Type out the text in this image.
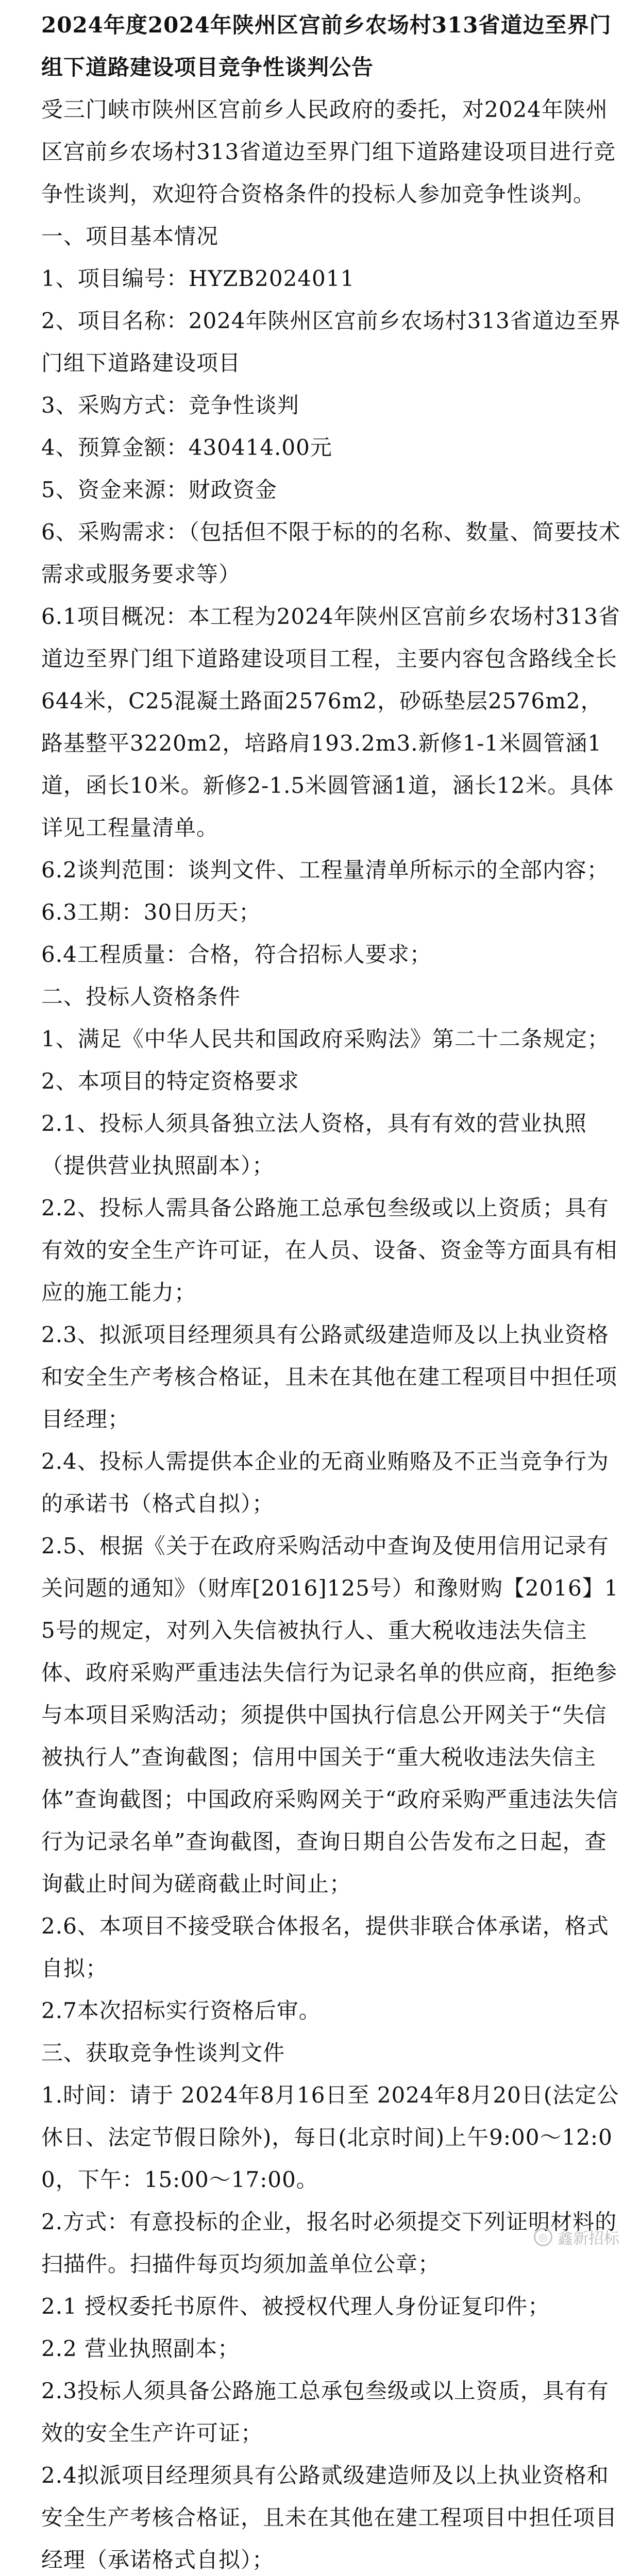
2024年度2024年陕州区宫前乡农场村313省道边至界门组下道路建设项目竞争性谈判公告

受三门峡市陕州区宫前乡人民政府的委托，对2024年陕州区宫前乡农场村313省道边至界门组下道路建设项目进行竞争性谈判，欢迎符合资格条件的投标人参加竞争性谈判。

一、项目基本情况

1、项目编号：HYZB2024011

2、项目名称：2024年陕州区宫前乡农场村313省道边至界门组下道路建设项目

3、采购方式：竞争性谈判

4、预算金额：430414.00元

5、资金来源：财政资金

6、采购需求：（包括但不限于标的的名称、数量、简要技术需求或服务要求等）

6.1项目概况：本工程为2024年陕州区宫前乡农场村313省道边至界门组下道路建设项目工程，主要内容包含路线全长644米，C25混凝土路面2576m2，砂砾垫层2576m2，路基整平3220m2，培路肩193.2m3.新修1-1米圆管涵1道，函长10米。新修2-1.5米圆管涵1道，涵长12米。具体详见工程量清单。

6.2谈判范围：谈判文件、工程量清单所标示的全部内容；

6.3工期：30日历天；

6.4工程质量：合格，符合招标人要求；

二、投标人资格条件

1、满足《中华人民共和国政府采购法》第二十二条规定；
2、本项目的特定资格要求

2.1、投标人须具备独立法人资格，具有有效的营业执照（提供营业执照副本）；

2.2、投标人需具备公路施工总承包叁级或以上资质；具有有效的安全生产许可证，在人员、设备、资金等方面具有相应的施工能力；

2.3、拟派项目经理须具有公路贰级建造师及以上执业资格和安全生产考核合格证，且未在其他在建工程项目中担任项目经理；

2.4、投标人需提供本企业的无商业贿赂及不正当竞争行为的承诺书（格式自拟）；

2.5、根据《关于在政府采购活动中查询及使用信用记录有关问题的通知》（财库[2016]125号）和豫财购【2016】15号的规定，对列入失信被执行人、重大税收违法失信主体、政府采购严重违法失信行为记录名单的供应商，拒绝参与本项目采购活动；须提供中国执行信息公开网关于“失信被执行人”查询截图；信用中国关于“重大税收违法失信主体”查询截图；中国政府采购网关于“政府采购严重违法失信行为记录名单”查询截图，查询日期自公告发布之日起，查询截止时间为磋商截止时间止；

2.6、本项目不接受联合体报名，提供非联合体承诺，格式自拟；

2.7本次招标实行资格后审。

三、获取竞争性谈判文件

1.时间：请于 2024年8月16日至 2024年8月20日(法定公休日、法定节假日除外)，每日(北京时间)上午9:00～12:00，下午：15:00～17:00。

2.方式：有意投标的企业，报名时必须提交下列证明材料的扫描件。扫描件每页均须加盖单位公章；

2.1 授权委托书原件、被授权代理人身份证复印件；

2.2 营业执照副本；

2.3投标人须具备公路施工总承包叁级或以上资质，具有有效的安全生产许可证；

2.4拟派项目经理须具有公路贰级建造师及以上执业资格和安全生产考核合格证，且未在其他在建工程项目中担任项目经理（承诺格式自拟）；

◎ 鑫新招标
